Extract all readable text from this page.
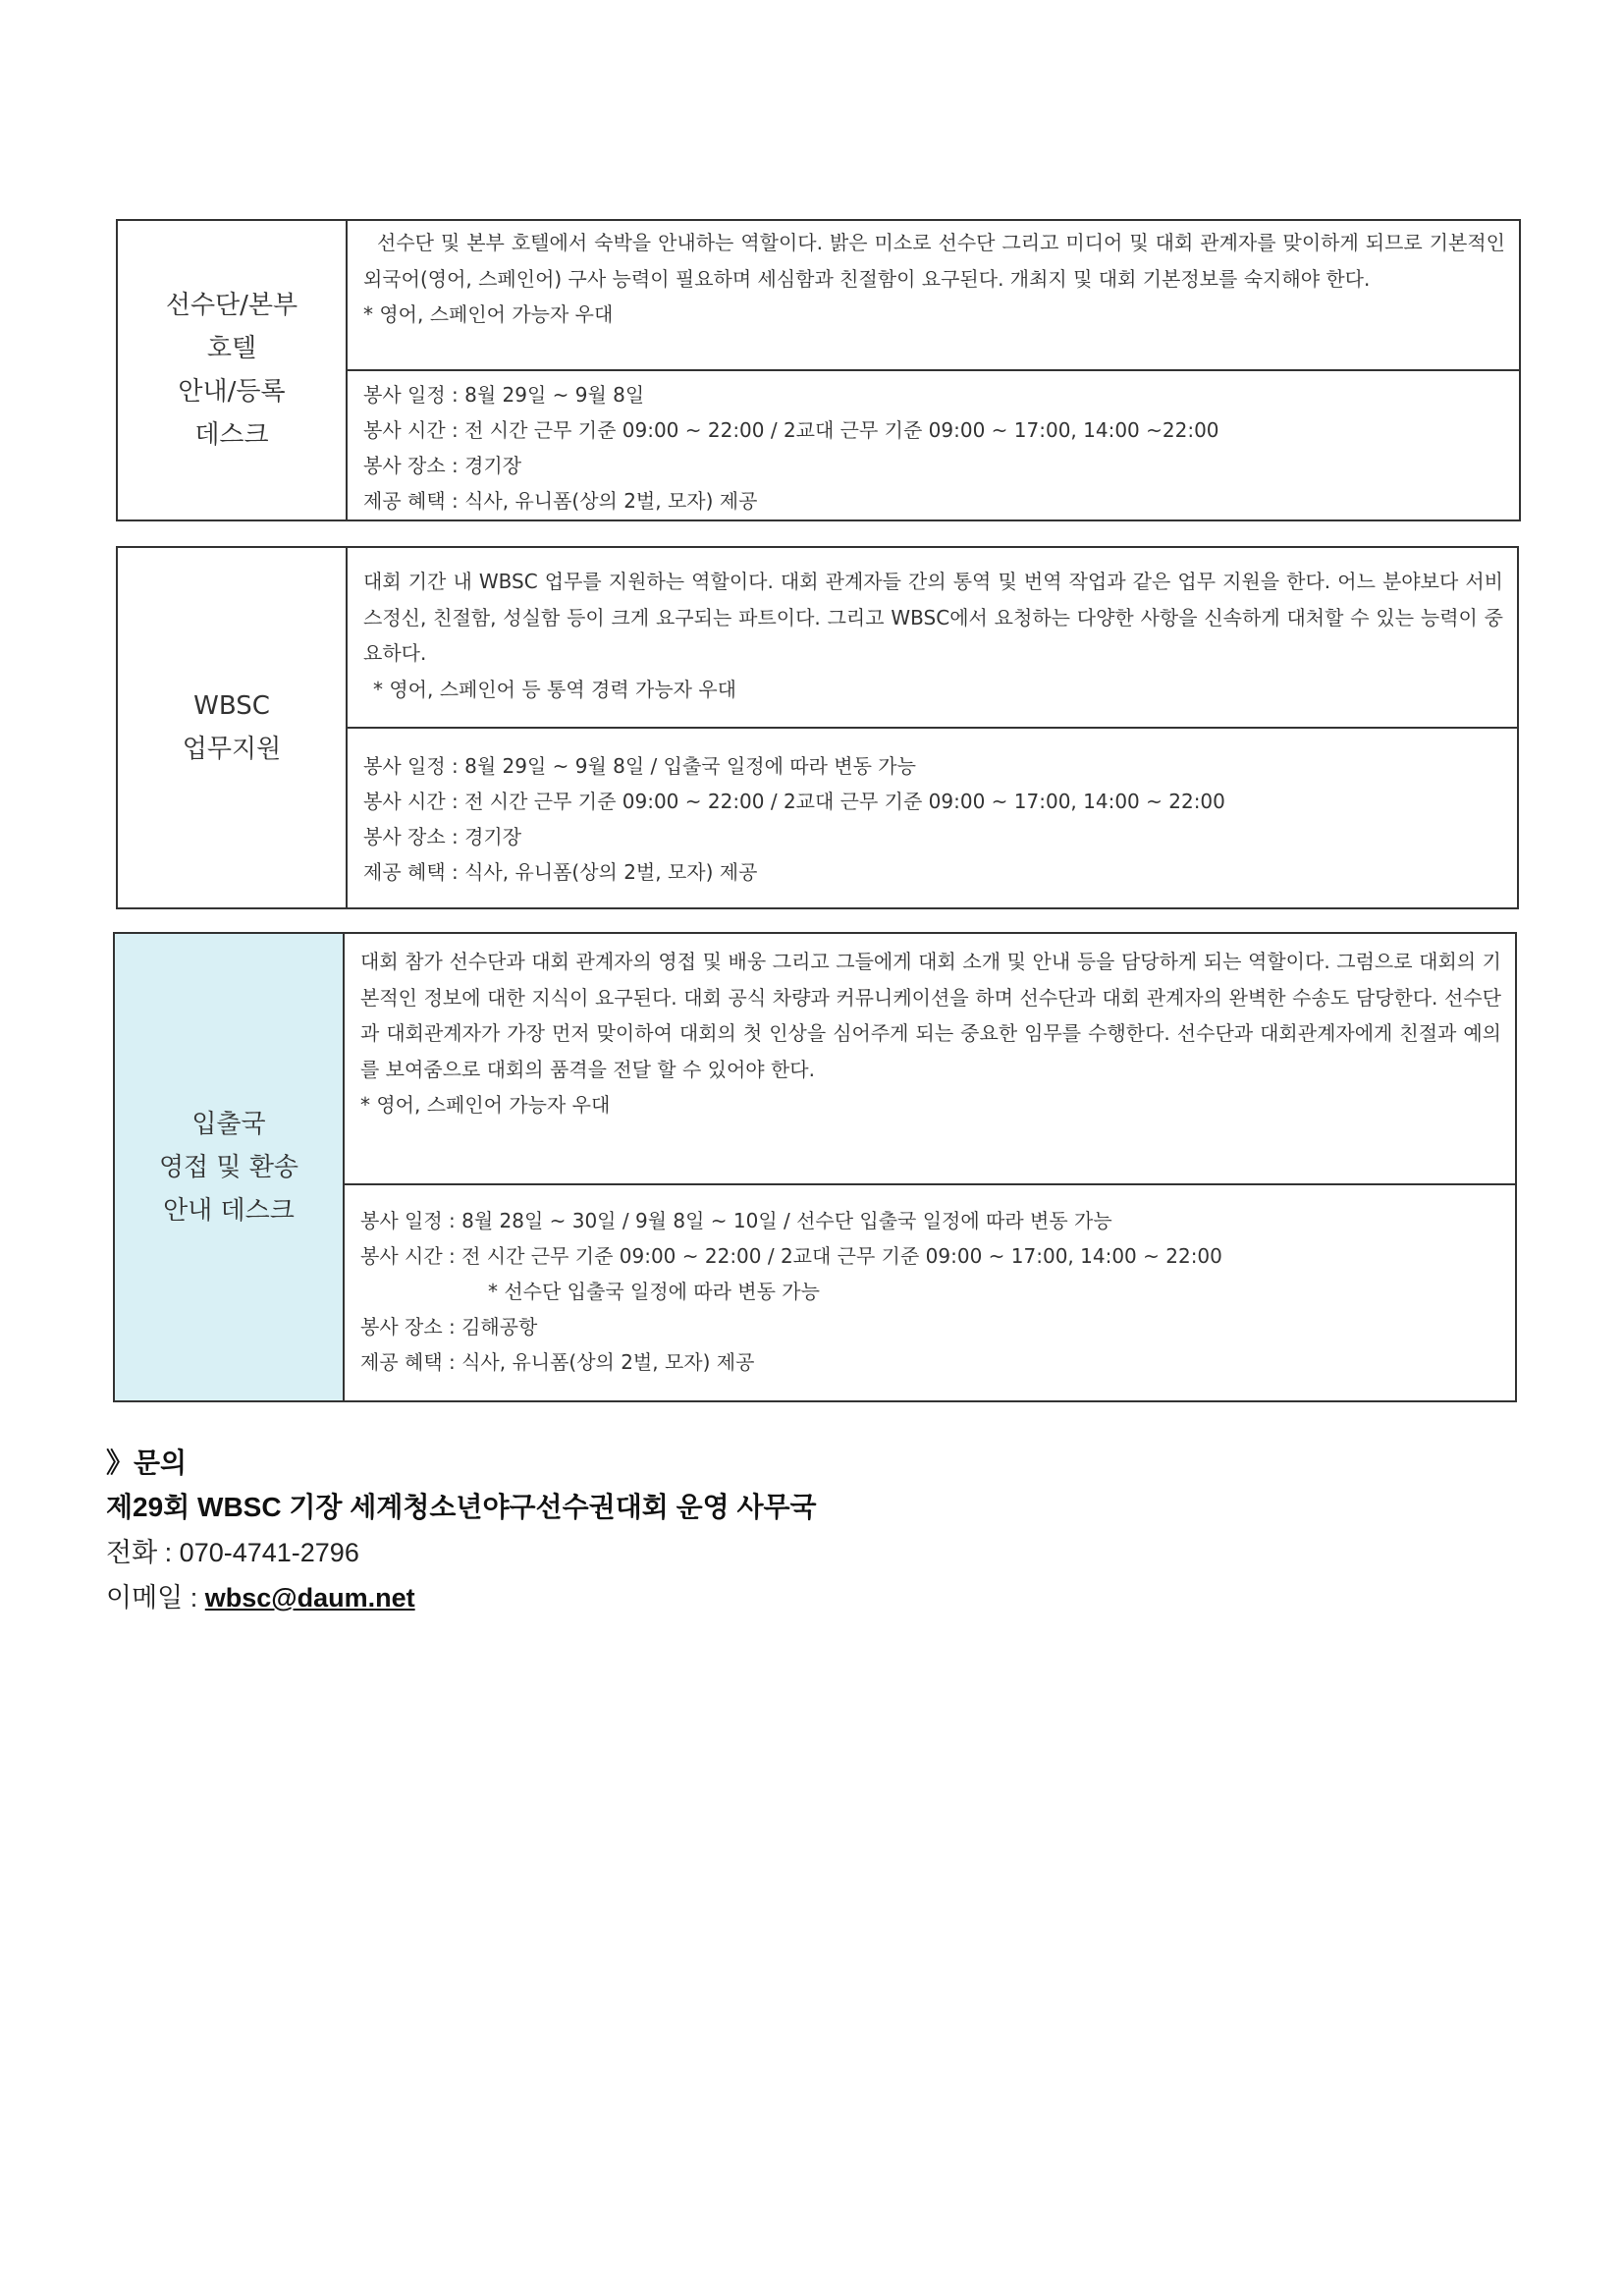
선수단/본부
호텔
안내/등록
데스크
선수단 및 본부 호텔에서 숙박을 안내하는 역할이다. 밝은 미소로 선수단 그리고 미디어 및 대회 관계자를 맞이하게 되므로 기본적인 외국어(영어, 스페인어) 구사 능력이 필요하며 세심함과 친절함이 요구된다. 개최지 및 대회 기본정보를 숙지해야 한다.
* 영어, 스페인어 가능자 우대
봉사 일정 : 8월 29일 ~ 9월 8일
봉사 시간 : 전 시간 근무 기준 09:00 ~ 22:00 / 2교대 근무 기준 09:00 ~ 17:00, 14:00 ~22:00
봉사 장소 : 경기장
제공 혜택 : 식사, 유니폼(상의 2벌, 모자) 제공
WBSC
업무지원
대회 기간 내 WBSC 업무를 지원하는 역할이다. 대회 관계자들 간의 통역 및 번역 작업과 같은 업무 지원을 한다. 어느 분야보다 서비스정신, 친절함, 성실함 등이 크게 요구되는 파트이다. 그리고 WBSC에서 요청하는 다양한 사항을 신속하게 대처할 수 있는 능력이 중요하다.
* 영어, 스페인어 등 통역 경력 가능자 우대
봉사 일정 : 8월 29일 ~ 9월 8일 / 입출국 일정에 따라 변동 가능
봉사 시간 : 전 시간 근무 기준 09:00 ~ 22:00 / 2교대 근무 기준 09:00 ~ 17:00, 14:00 ~ 22:00
봉사 장소 : 경기장
제공 혜택 : 식사, 유니폼(상의 2벌, 모자) 제공
입출국
영접 및 환송
안내 데스크
대회 참가 선수단과 대회 관계자의 영접 및 배웅 그리고 그들에게 대회 소개 및 안내 등을 담당하게 되는 역할이다. 그럼으로 대회의 기본적인 정보에 대한 지식이 요구된다. 대회 공식 차량과 커뮤니케이션을 하며 선수단과 대회 관계자의 완벽한 수송도 담당한다. 선수단과 대회관계자가 가장 먼저 맞이하여 대회의 첫 인상을 심어주게 되는 중요한 임무를 수행한다. 선수단과 대회관계자에게 친절과 예의를 보여줌으로 대회의 품격을 전달 할 수 있어야 한다.
* 영어, 스페인어 가능자 우대
봉사 일정 : 8월 28일 ~ 30일 / 9월 8일 ~ 10일 / 선수단 입출국 일정에 따라 변동 가능
봉사 시간 : 전 시간 근무 기준 09:00 ~ 22:00 / 2교대 근무 기준 09:00 ~ 17:00, 14:00 ~ 22:00
* 선수단 입출국 일정에 따라 변동 가능
봉사 장소 : 김해공항
제공 혜택 : 식사, 유니폼(상의 2벌, 모자) 제공
》문의
제29회 WBSC 기장 세계청소년야구선수권대회 운영 사무국
전화 : 070-4741-2796
이메일 : wbsc@daum.net
